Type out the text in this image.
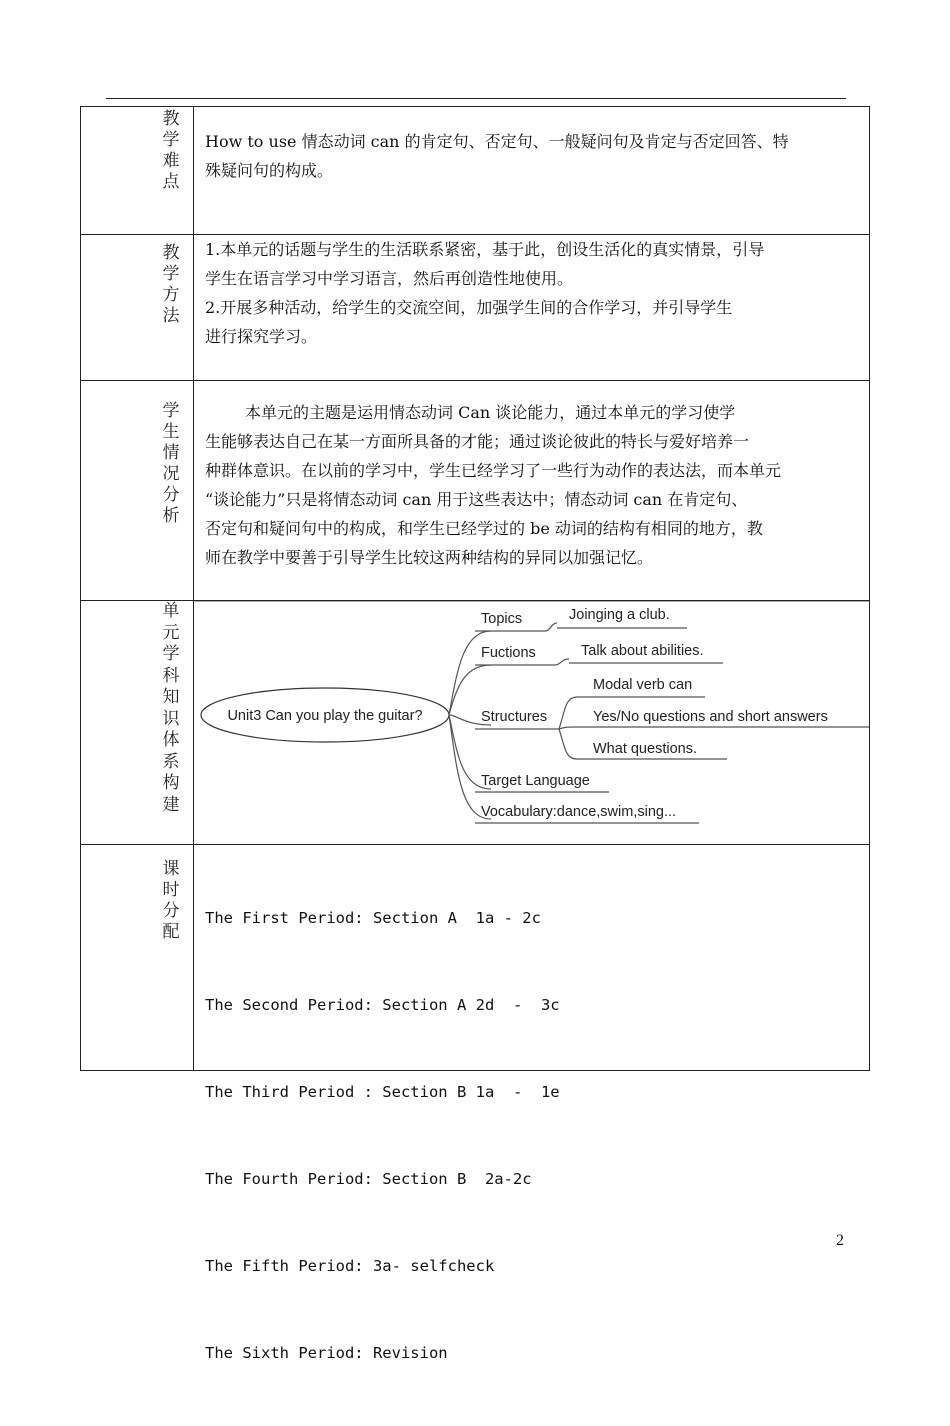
教
学
难
点

How to use 情态动词 can 的肯定句、否定句、一般疑问句及肯定与否定回答、特

殊疑问句的构成。

教
学
方
法

1.本单元的话题与学生的生活联系紧密，基于此，创设生活化的真实情景，引导

学生在语言学习中学习语言，然后再创造性地使用。

2.开展多种活动，给学生的交流空间，加强学生间的合作学习，并引导学生

进行探究学习。

学
生
情
况
分
析

本单元的主题是运用情态动词 Can 谈论能力，通过本单元的学习使学

生能够表达自己在某一方面所具备的才能；通过谈论彼此的特长与爱好培养一

种群体意识。在以前的学习中，学生已经学习了一些行为动作的表达法，而本单元

“谈论能力”只是将情态动词 can 用于这些表达中；情态动词 can 在肯定句、

否定句和疑问句中的构成，和学生已经学过的 be 动词的结构有相同的地方，教

师在教学中要善于引导学生比较这两种结构的异同以加强记忆。

单
元
学
科
知
识
体
系
构
建
Unit3 Can you play the guitar?
Topics	Joinging a club.
Fuctions	Talk about abilities.
Structures
Modal verb can
Yes/No questions and short answers
What questions.
Target Language
Vocabulary:dance,swim,sing...
课
时
分
配

The First Period: Section A  1a - 2c

The Second Period: Section A 2d  -  3c

The Third Period : Section B 1a  -  1e

The Fourth Period: Section B  2a-2c

The Fifth Period: 3a- selfcheck

The Sixth Period: Revision

2
